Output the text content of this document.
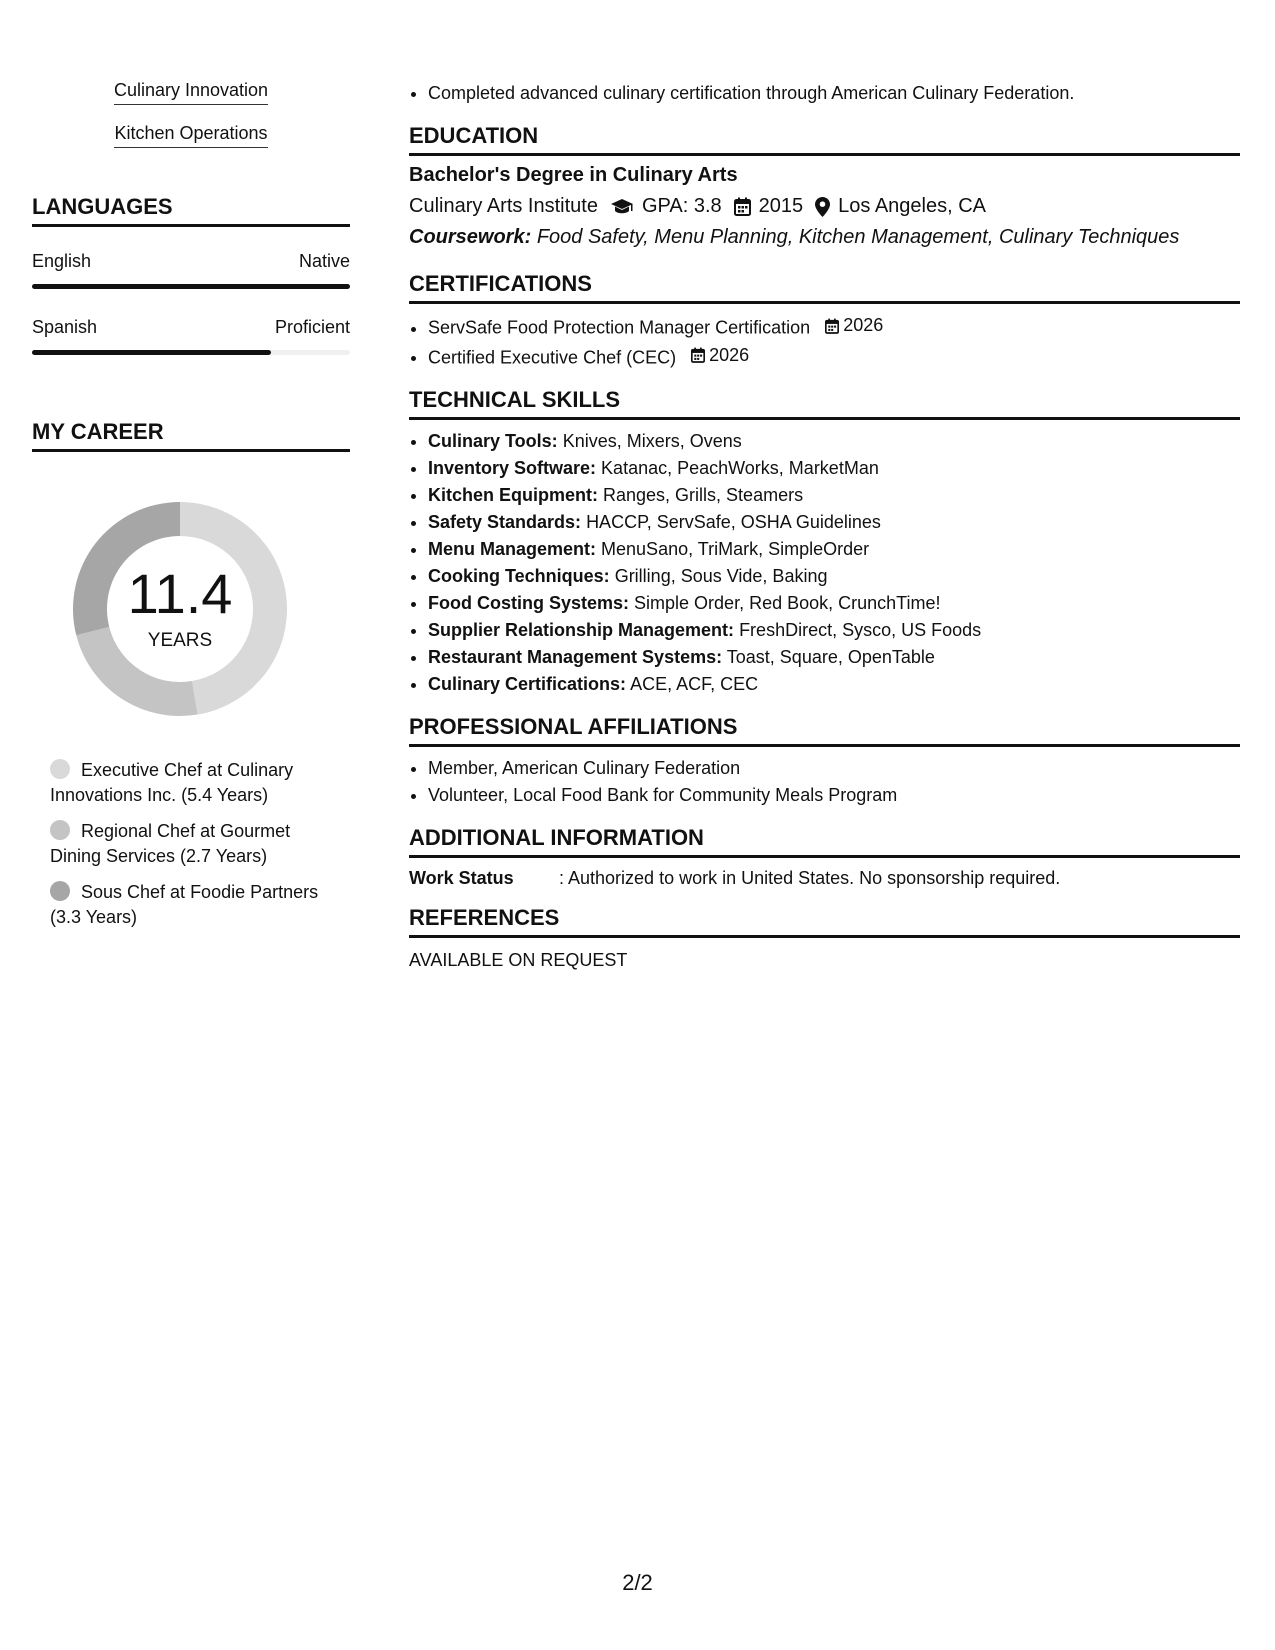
Culinary Innovation
Kitchen Operations
LANGUAGES
English	Native
Spanish	Proficient
MY CAREER
11.4
YEARS
Executive Chef at Culinary Innovations Inc. (5.4 Years)
Regional Chef at Gourmet Dining Services (2.7 Years)
Sous Chef at Foodie Partners (3.3 Years)
• Completed advanced culinary certification through American Culinary Federation.
EDUCATION
Bachelor's Degree in Culinary Arts
Culinary Arts Institute GPA: 3.8 2015 Los Angeles, CA
Coursework: Food Safety, Menu Planning, Kitchen Management, Culinary Techniques
CERTIFICATIONS
• ServSafe Food Protection Manager Certification 2026
• Certified Executive Chef (CEC) 2026
TECHNICAL SKILLS
• Culinary Tools: Knives, Mixers, Ovens
• Inventory Software: Katanac, PeachWorks, MarketMan
• Kitchen Equipment: Ranges, Grills, Steamers
• Safety Standards: HACCP, ServSafe, OSHA Guidelines
• Menu Management: MenuSano, TriMark, SimpleOrder
• Cooking Techniques: Grilling, Sous Vide, Baking
• Food Costing Systems: Simple Order, Red Book, CrunchTime!
• Supplier Relationship Management: FreshDirect, Sysco, US Foods
• Restaurant Management Systems: Toast, Square, OpenTable
• Culinary Certifications: ACE, ACF, CEC
PROFESSIONAL AFFILIATIONS
• Member, American Culinary Federation
• Volunteer, Local Food Bank for Community Meals Program
ADDITIONAL INFORMATION
Work Status	: Authorized to work in United States. No sponsorship required.
REFERENCES
AVAILABLE ON REQUEST
2/2
